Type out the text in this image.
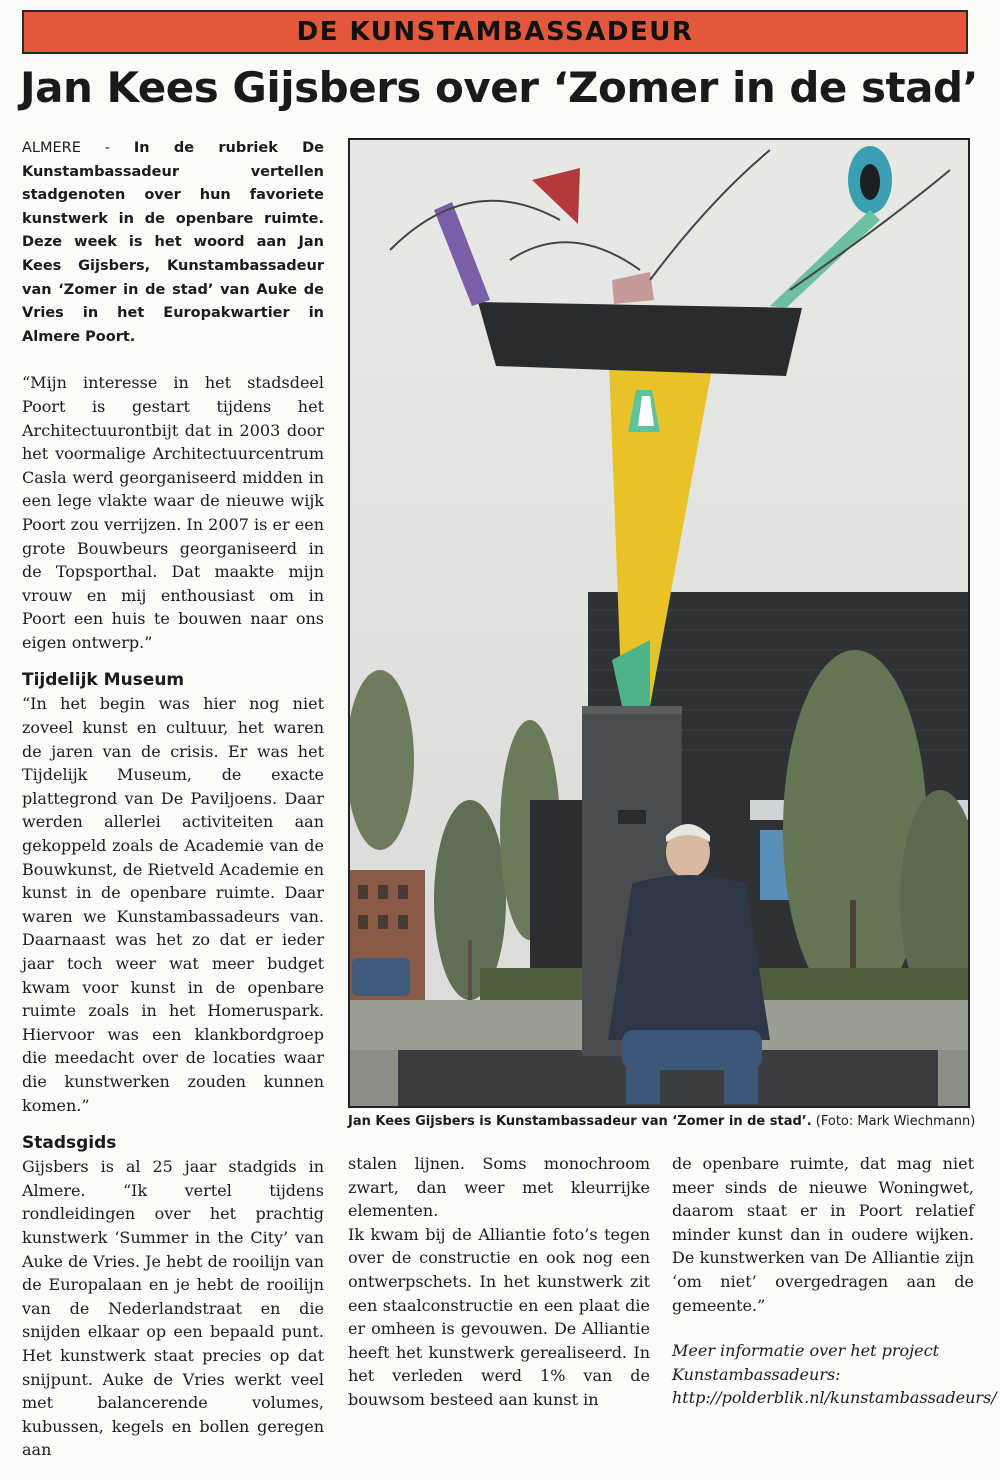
DE KUNSTAMBASSADEUR
Jan Kees Gijsbers over ‘Zomer in de stad’

ALMERE - In de rubriek De Kunstambassadeur vertellen stadgenoten over hun favoriete kunstwerk in de openbare ruimte. Deze week is het woord aan Jan Kees Gijsbers, Kunstambassadeur van ‘Zomer in de stad’ van Auke de Vries in het Europakwartier in Almere Poort.

“Mijn interesse in het stadsdeel Poort is gestart tijdens het Architectuurontbijt dat in 2003 door het voormalige Architectuurcentrum Casla werd georganiseerd midden in een lege vlakte waar de nieuwe wijk Poort zou verrijzen. In 2007 is er een grote Bouwbeurs georganiseerd in de Topsporthal. Dat maakte mijn vrouw en mij enthousiast om in Poort een huis te bouwen naar ons eigen ontwerp.”

Tijdelijk Museum

“In het begin was hier nog niet zoveel kunst en cultuur, het waren de jaren van de crisis. Er was het Tijdelijk Museum, de exacte plattegrond van De Paviljoens. Daar werden allerlei activiteiten aan gekoppeld zoals de Academie van de Bouwkunst, de Rietveld Academie en kunst in de openbare ruimte. Daar waren we Kunstambassadeurs van. Daarnaast was het zo dat er ieder jaar toch weer wat meer budget kwam voor kunst in de openbare ruimte zoals in het Homeruspark. Hiervoor was een klankbordgroep die meedacht over de locaties waar die kunstwerken zouden kunnen komen.”

Stadsgids

Gijsbers is al 25 jaar stadgids in Almere. “Ik vertel tijdens rondleidingen over het prachtig kunstwerk ‘Summer in the City’ van Auke de Vries. Je hebt de rooilijn van de Europalaan en je hebt de rooilijn van de Nederlandstraat en die snijden elkaar op een bepaald punt. Het kunstwerk staat precies op dat snijpunt. Auke de Vries werkt veel met balancerende volumes, kubussen, kegels en bollen geregen aan

stalen lijnen. Soms monochroom zwart, dan weer met kleurrijke elementen.

Ik kwam bij de Alliantie foto’s tegen over de constructie en ook nog een ontwerpschets. In het kunstwerk zit een staalconstructie en een plaat die er omheen is gevouwen. De Alliantie heeft het kunstwerk gerealiseerd. In het verleden werd 1% van de bouwsom besteed aan kunst in

de openbare ruimte, dat mag niet meer sinds de nieuwe Woningwet, daarom staat er in Poort relatief minder kunst dan in oudere wijken. De kunstwerken van De Alliantie zijn ‘om niet’ overgedragen aan de gemeente.”

Meer informatie over het project Kunstambassadeurs: http://polderblik.nl/kunstambassadeurs/

Jan Kees Gijsbers is Kunstambassadeur van ‘Zomer in de stad’. (Foto: Mark Wiechmann)
